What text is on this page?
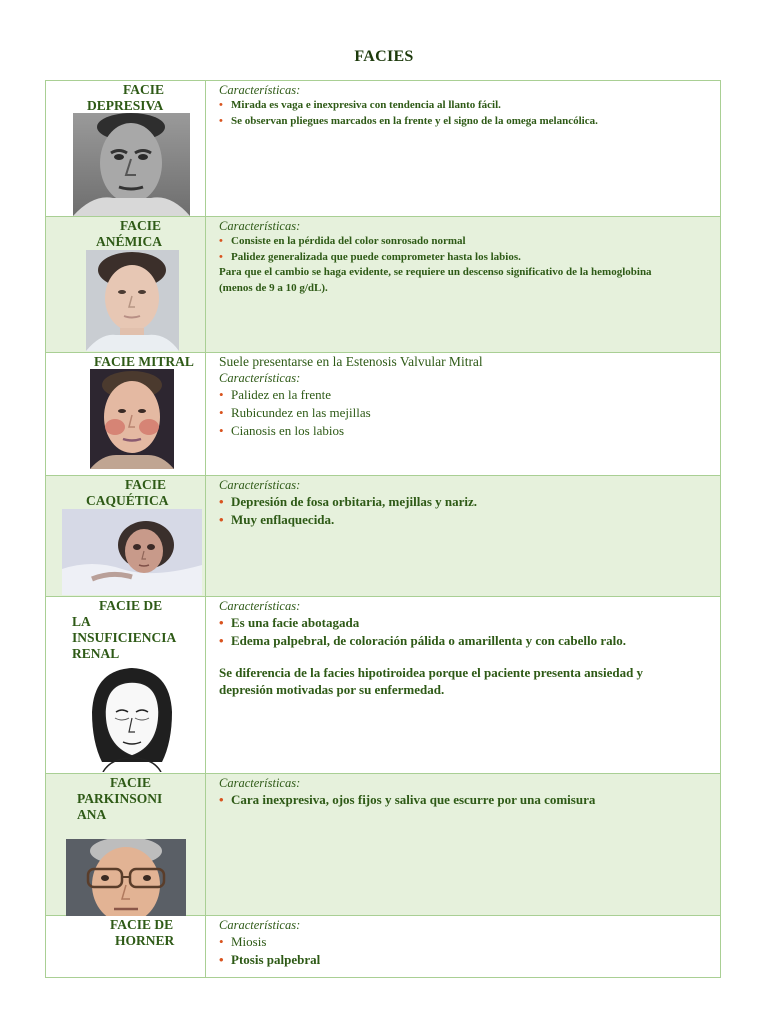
FACIES
FACIE
DEPRESIVA
Características:
• Mirada es vaga e inexpresiva con tendencia al llanto fácil.
• Se observan pliegues marcados en la frente y el signo de la omega melancólica.
FACIE
ANÉMICA
Características:
• Consiste en la pérdida del color sonrosado normal
• Palidez generalizada que puede comprometer hasta los labios.

Para que el cambio se haga evidente, se requiere un descenso significativo de la hemoglobina

(menos de 9 a 10 g/dL).

FACIE MITRAL Suele presentarse en la Estenosis Valvular Mitral
Características:
• Palidez en la frente
• Rubicundez en las mejillas
• Cianosis en los labios
FACIE
CAQUÉTICA
Características:
• Depresión de fosa orbitaria, mejillas y nariz.
• Muy enflaquecida.
FACIE DE
LA
INSUFICIENCIA
RENAL
Características:
• Es una facie abotagada
• Edema palpebral, de coloración pálida o amarillenta y con cabello ralo.

Se diferencia de la facies hipotiroidea porque el paciente presenta ansiedad y depresión motivadas por su enfermedad.

FACIE
PARKINSONI
ANA
Características:
• Cara inexpresiva, ojos fijos y saliva que escurre por una comisura
FACIE DE
HORNER
Características:
• Miosis
• Ptosis palpebral
